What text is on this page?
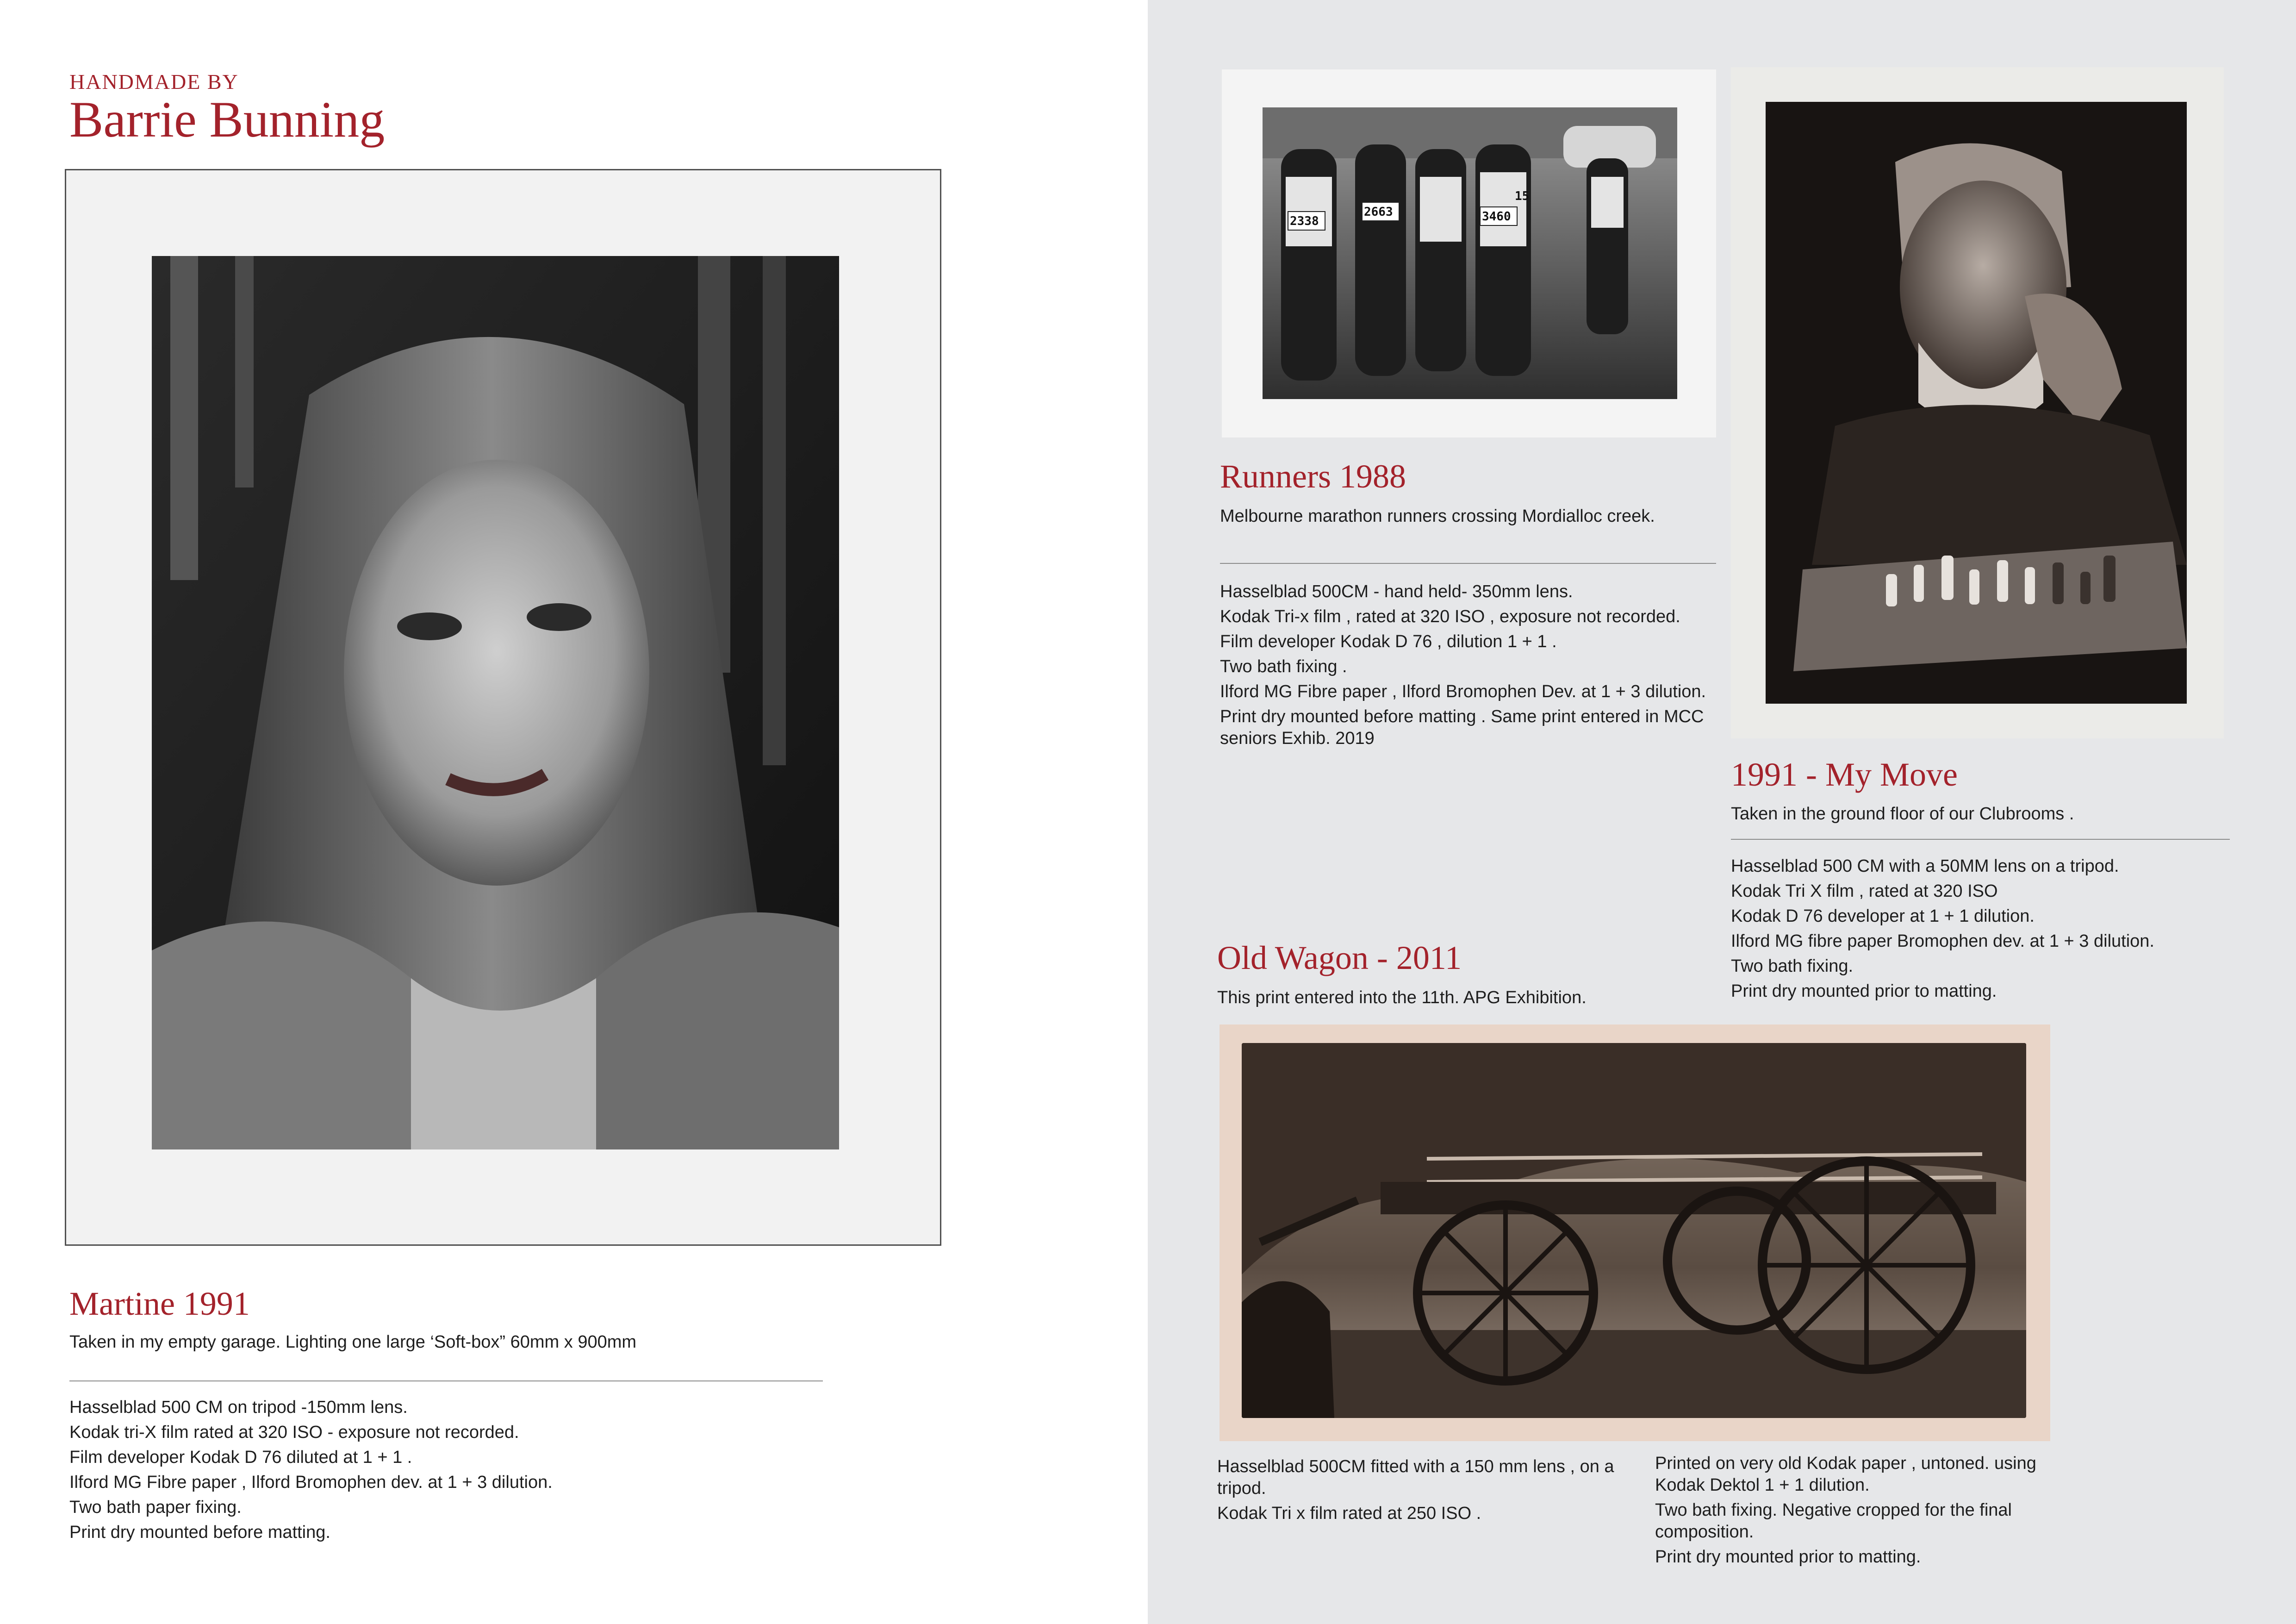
HANDMADE BY
Barrie Bunning
Martine 1991

Taken in my empty garage. Lighting one large ‘Soft-box” 60mm x 900mm

Hasselblad 500 CM on tripod -150mm lens.
Kodak tri-X film rated at 320 ISO - exposure not recorded.
Film developer Kodak D 76 diluted at 1 + 1 .
Ilford MG Fibre paper , Ilford Bromophen dev. at 1 + 3 dilution.
Two bath paper fixing.
Print dry mounted before matting.
2338
2663	3460
15
Runners 1988

Melbourne marathon runners crossing Mordialloc creek.

Hasselblad 500CM - hand held- 350mm lens.
Kodak Tri-x film , rated at 320 ISO , exposure not recorded.
Film developer Kodak D 76 , dilution 1 + 1 .
Two bath fixing .
Ilford MG Fibre paper , Ilford Bromophen Dev. at 1 + 3 dilution.
Print dry mounted before matting . Same print entered in MCC seniors Exhib. 2019
1991 - My Move

Taken in the ground floor of our Clubrooms .

Hasselblad 500 CM with a 50MM lens on a tripod.
Kodak Tri X film , rated at 320 ISO
Kodak D 76 developer at 1 + 1 dilution.
Ilford MG fibre paper Bromophen dev. at 1 + 3 dilution.
Two bath fixing.
Print dry mounted prior to matting.
Old Wagon - 2011

This print entered into the 11th. APG Exhibition.

Hasselblad 500CM fitted with a 150 mm lens , on a tripod.
Kodak Tri x film rated at 250 ISO .
Printed on very old Kodak paper , untoned. using Kodak Dektol 1 + 1 dilution.
Two bath fixing. Negative cropped for the final composition.
Print dry mounted prior to matting.
